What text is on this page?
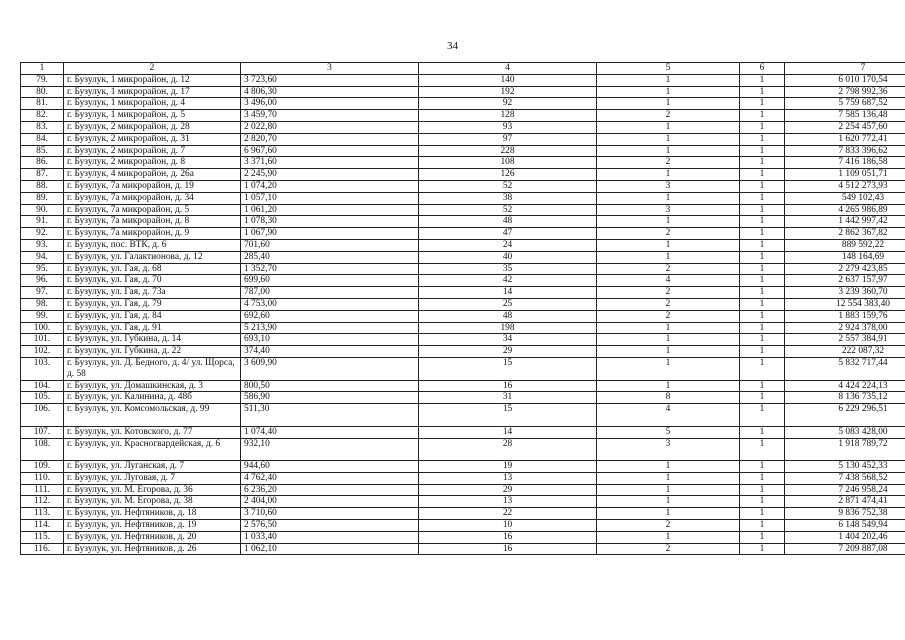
34
1	2	3	4	5	6	7
79.	г. Бузулук, 1 микрорайон, д. 12	3 723,60	140	1	1	6 010 170,54
80.	г. Бузулук, 1 микрорайон, д. 17	4 806,30	192	1	1	2 798 992,36
81.	г. Бузулук, 1 микрорайон, д. 4	3 496,00	92	1	1	5 759 687,52
82.	г. Бузулук, 1 микрорайон, д. 5	3 459,70	128	2	1	7 585 136,48
83.	г. Бузулук, 2 микрорайон, д. 28	2 022,80	93	1	1	2 254 457,60
84.	г. Бузулук, 2 микрорайон, д. 31	2 820,70	97	1	1	1 620 772,41
85.	г. Бузулук, 2 микрорайон, д. 7	6 967,60	228	1	1	7 833 396,62
86.	г. Бузулук, 2 микрорайон, д. 8	3 371,60	108	2	1	7 416 186,58
87.	г. Бузулук, 4 микрорайон, д. 26а	2 245,90	126	1	1	1 109 051,71
88.	г. Бузулук, 7а микрорайон, д. 19	1 074,20	52	3	1	4 512 273,93
89.	г. Бузулук, 7а микрорайон, д. 34	1 057,10	38	1	1	549 102,43
90.	г. Бузулук, 7а микрорайон, д. 5	1 061,20	52	3	1	4 265 986,89
91.	г. Бузулук, 7а микрорайон, д. 8	1 078,30	48	1	1	1 442 997,42
92.	г. Бузулук, 7а микрорайон, д. 9	1 067,90	47	2	1	2 862 367,82
93.	г. Бузулук, пос. ВТК, д. 6	701,60	24	1	1	889 592,22
94.	г. Бузулук, ул. Галактионова, д. 12	285,40	40	1	1	148 164,69
95.	г. Бузулук, ул. Гая, д. 68	1 352,70	35	2	1	2 279 423,85
96.	г. Бузулук, ул. Гая, д. 70	699,60	42	4	1	2 637 157,97
97.	г. Бузулук, ул. Гая, д. 73а	787,00	14	2	1	3 239 360,70
98.	г. Бузулук, ул. Гая, д. 79	4 753,00	25	2	1	12 554 383,40
99.	г. Бузулук, ул. Гая, д. 84	692,60	48	2	1	1 883 159,76
100.	г. Бузулук, ул. Гая, д. 91	5 213,90	198	1	1	2 924 378,00
101.	г. Бузулук, ул. Губкина, д. 14	693,10	34	1	1	2 557 384,91
102.	г. Бузулук, ул. Губкина, д. 22	374,40	29	1	1	222 087,32
103.	г. Бузулук, ул. Д. Бедного, д. 4/ ул. Щорса, д. 58	3 609,90	15	1	1	5 832 717,44
104.	г. Бузулук, ул. Домашкинская, д. 3	800,50	16	1	1	4 424 224,13
105.	г. Бузулук, ул. Калинина, д. 48б	586,90	31	8	1	8 136 735,12
106.	г. Бузулук, ул. Комсомольская, д. 99	511,30	15	4	1	6 229 296,51
107.	г. Бузулук, ул. Котовского, д. 77	1 074,40	14	5	1	5 083 428,00
108.	г. Бузулук, ул. Красногвардейская, д. 6	932,10	28	3	1	1 918 789,72
109.	г. Бузулук, ул. Луганская, д. 7	944,60	19	1	1	5 130 452,33
110.	г. Бузулук, ул. Луговая, д. 7	4 762,40	13	1	1	7 438 568,52
111.	г. Бузулук, ул. М. Егорова, д. 36	6 236,20	29	1	1	7 246 958,24
112.	г. Бузулук, ул. М. Егорова, д. 38	2 404,00	13	1	1	2 871 474,41
113.	г. Бузулук, ул. Нефтяников, д. 18	3 710,60	22	1	1	9 836 752,38
114.	г. Бузулук, ул. Нефтяников, д. 19	2 576,50	10	2	1	6 148 549,94
115.	г. Бузулук, ул. Нефтяников, д. 20	1 033,40	16	1	1	1 404 202,46
116.	г. Бузулук, ул. Нефтяников, д. 26	1 062,10	16	2	1	7 209 887,08
